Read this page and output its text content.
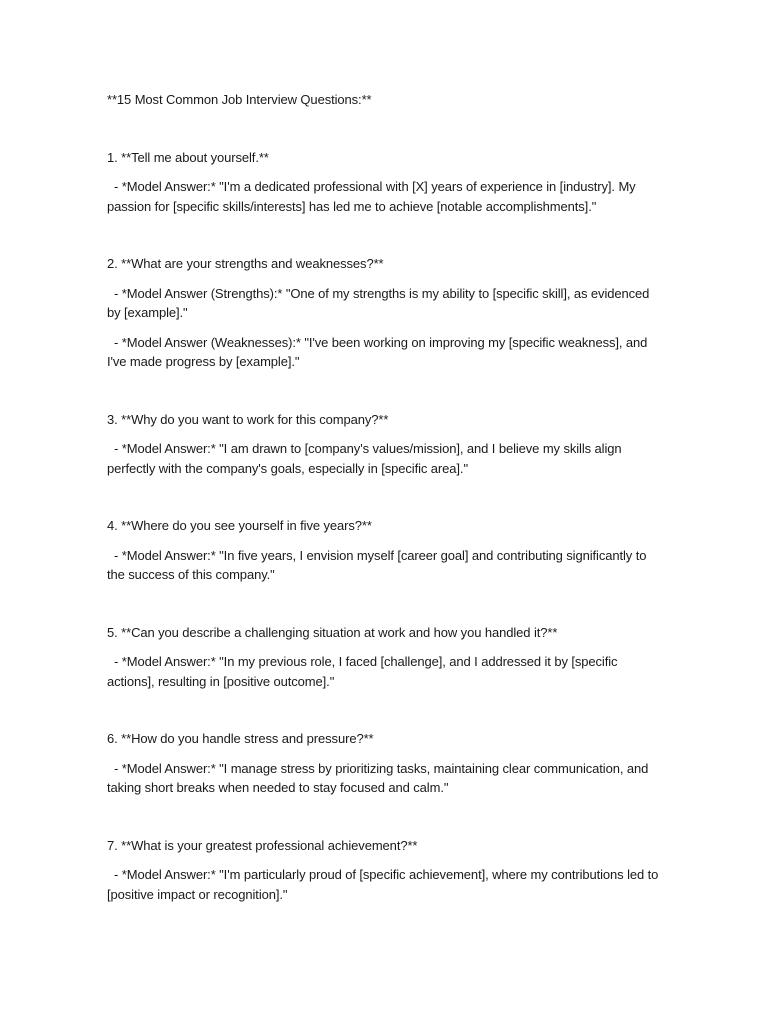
**15 Most Common Job Interview Questions:**

1. **Tell me about yourself.**

- *Model Answer:* "I'm a dedicated professional with [X] years of experience in [industry]. My passion for [specific skills/interests] has led me to achieve [notable accomplishments]."

2. **What are your strengths and weaknesses?**

- *Model Answer (Strengths):* "One of my strengths is my ability to [specific skill], as evidenced by [example]."

- *Model Answer (Weaknesses):* "I've been working on improving my [specific weakness], and I've made progress by [example]."

3. **Why do you want to work for this company?**

- *Model Answer:* "I am drawn to [company's values/mission], and I believe my skills align perfectly with the company's goals, especially in [specific area]."

4. **Where do you see yourself in five years?**

- *Model Answer:* "In five years, I envision myself [career goal] and contributing significantly to the success of this company."

5. **Can you describe a challenging situation at work and how you handled it?**

- *Model Answer:* "In my previous role, I faced [challenge], and I addressed it by [specific actions], resulting in [positive outcome]."

6. **How do you handle stress and pressure?**

- *Model Answer:* "I manage stress by prioritizing tasks, maintaining clear communication, and taking short breaks when needed to stay focused and calm."

7. **What is your greatest professional achievement?**

- *Model Answer:* "I'm particularly proud of [specific achievement], where my contributions led to [positive impact or recognition]."
